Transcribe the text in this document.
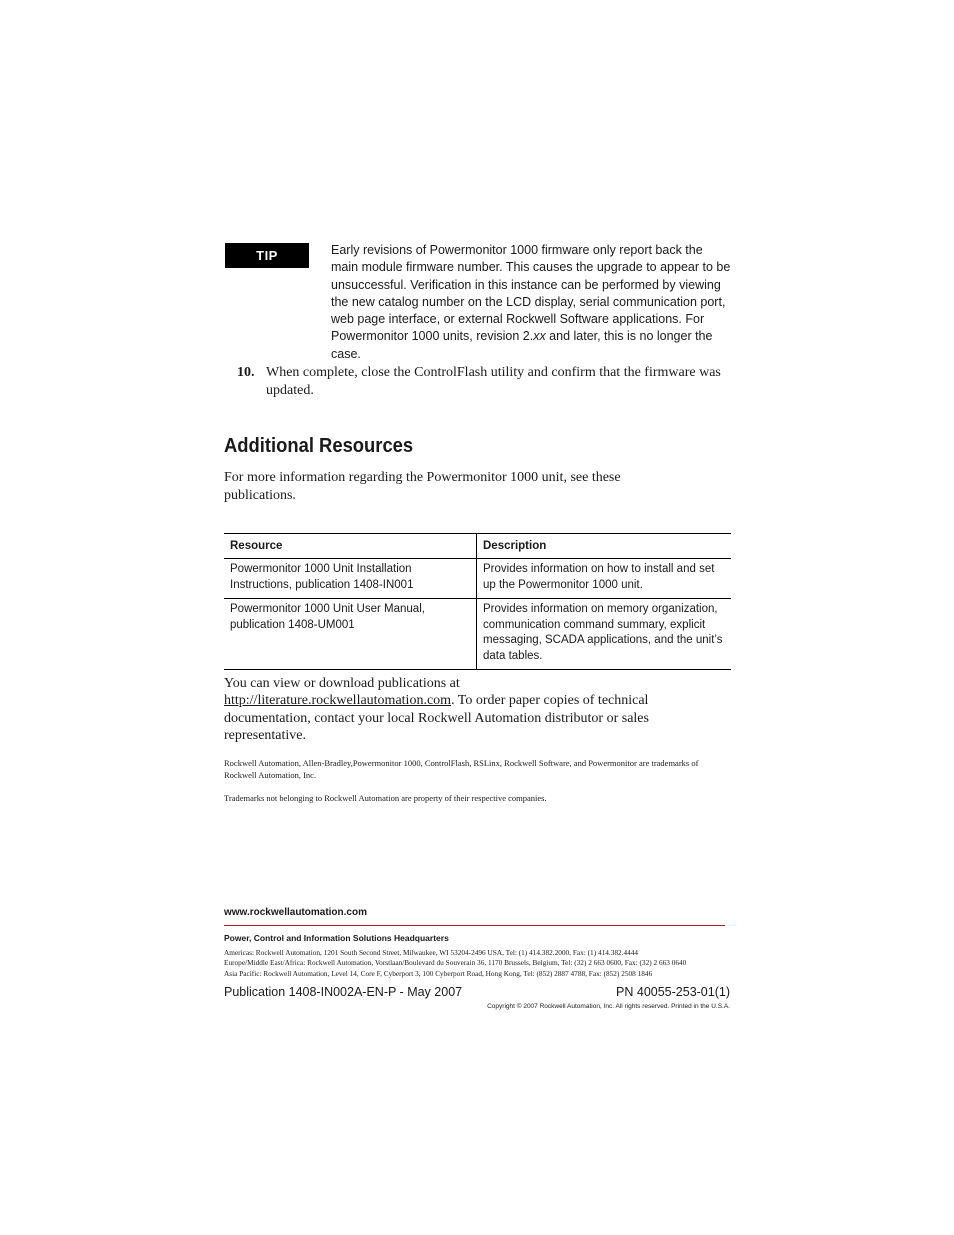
TIP	Early revisions of Powermonitor 1000 firmware only report back the main module firmware number. This causes the upgrade to appear to be unsuccessful. Verification in this instance can be performed by viewing the new catalog number on the LCD display, serial communication port, web page interface, or external Rockwell Software applications. For Powermonitor 1000 units, revision 2.xx and later, this is no longer the case.
10. When complete, close the ControlFlash utility and confirm that the firmware was updated.
Additional Resources
For more information regarding the Powermonitor 1000 unit, see these publications.
Resource	Description
Powermonitor 1000 Unit Installation Instructions, publication 1408-IN001	Provides information on how to install and set up the Powermonitor 1000 unit.
Powermonitor 1000 Unit User Manual, publication 1408-UM001	Provides information on memory organization, communication command summary, explicit messaging, SCADA applications, and the unit’s data tables.
You can view or download publications at
http://literature.rockwellautomation.com. To order paper copies of technical documentation, contact your local Rockwell Automation distributor or sales representative.
Rockwell Automation, Allen-Bradley,Powermonitor 1000, ControlFlash, RSLinx, Rockwell Software, and Powermonitor are trademarks of Rockwell Automation, Inc.
Trademarks not belonging to Rockwell Automation are property of their respective companies.
www.rockwellautomation.com
Power, Control and Information Solutions Headquarters
Americas: Rockwell Automation, 1201 South Second Street, Milwaukee, WI 53204-2496 USA, Tel: (1) 414.382.2000, Fax: (1) 414.382.4444
Europe/Middle East/Africa: Rockwell Automation, Vorstlaan/Boulevard du Souverain 36, 1170 Brussels, Belgium, Tel: (32) 2 663 0600, Fax: (32) 2 663 0640
Asia Pacific: Rockwell Automation, Level 14, Core F, Cyberport 3, 100 Cyberport Road, Hong Kong, Tel: (852) 2887 4788, Fax: (852) 2508 1846
Publication 1408-IN002A-EN-P - May 2007	PN 40055-253-01(1)
Copyright © 2007 Rockwell Automation, Inc. All rights reserved. Printed in the U.S.A.
